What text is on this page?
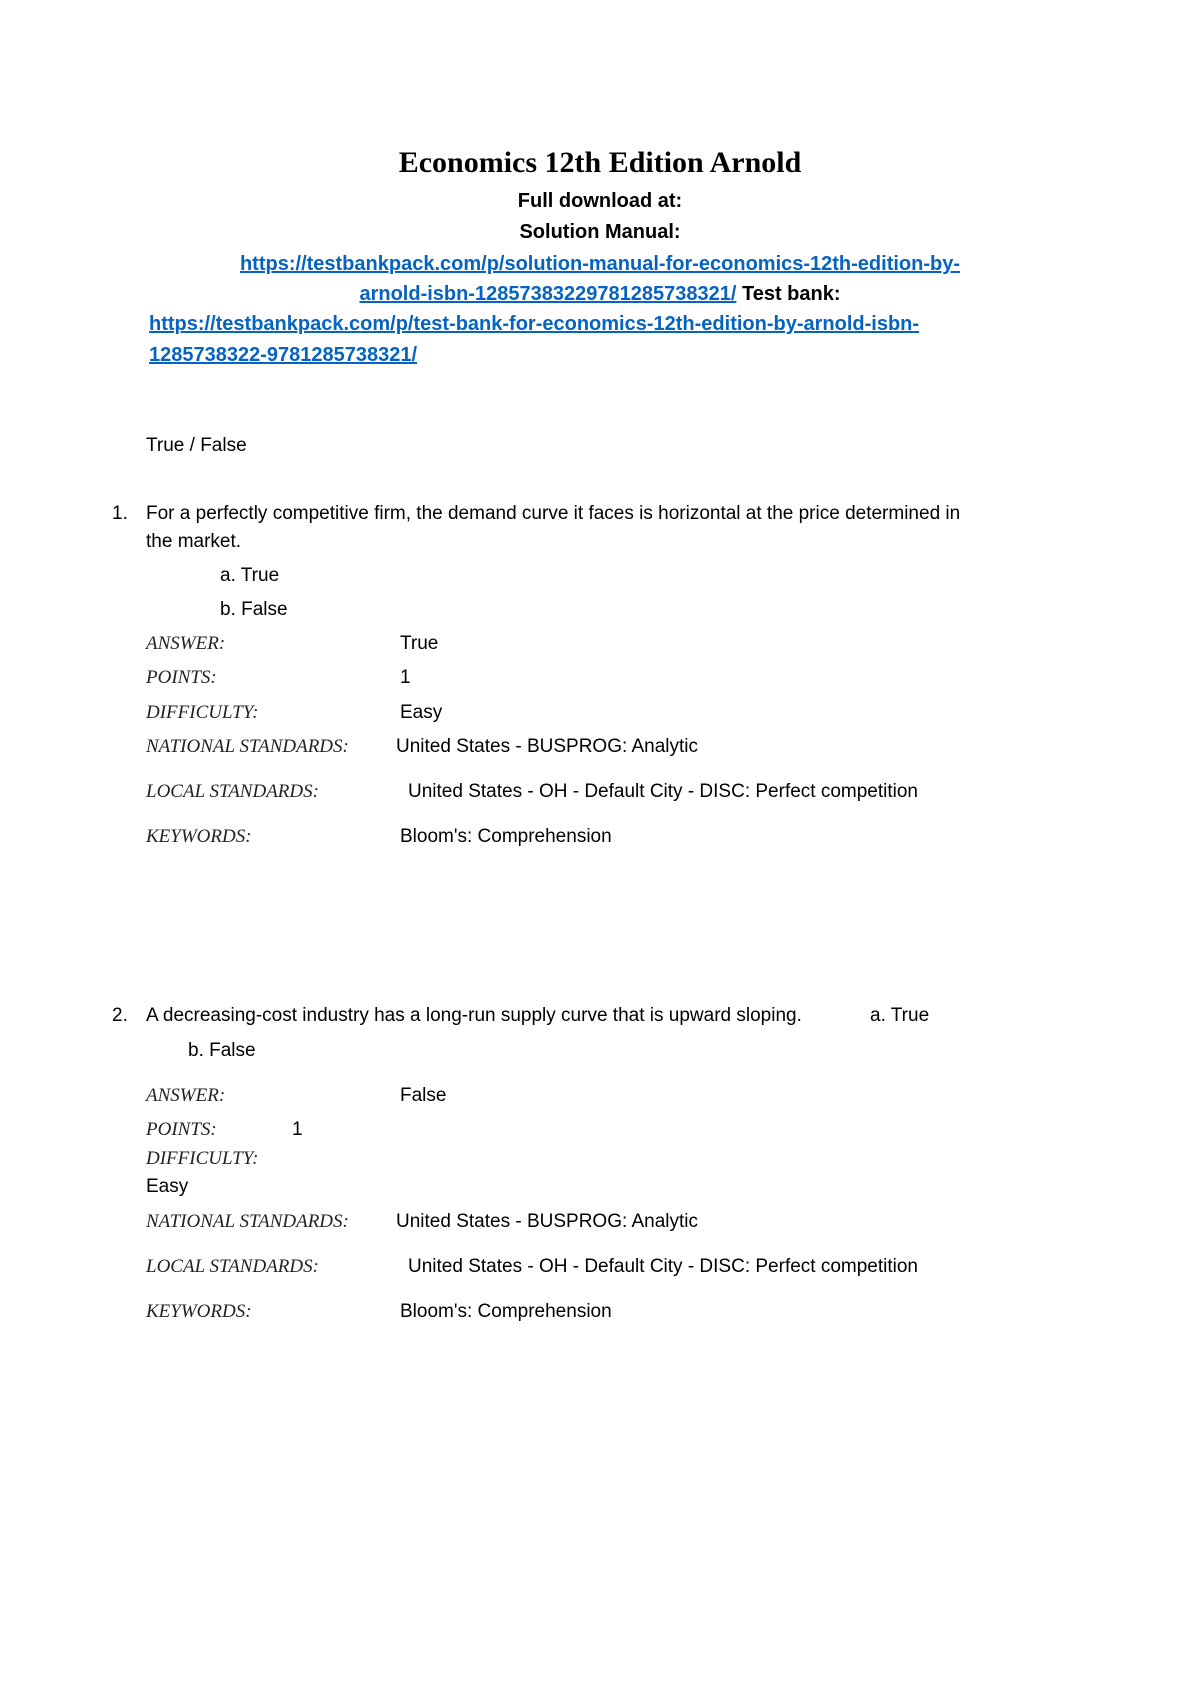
Economics 12th Edition Arnold
Full download at:
Solution Manual:
https://testbankpack.com/p/solution-manual-for-economics-12th-edition-by-
arnold-isbn-12857383229781285738321/ Test bank:
https://testbankpack.com/p/test-bank-for-economics-12th-edition-by-arnold-isbn-
1285738322-9781285738321/
True / False
1. For a perfectly competitive firm, the demand curve it faces is horizontal at the price determined in
the market.
a. True
b. False
ANSWER:	True
POINTS:	1
DIFFICULTY:	Easy
NATIONAL STANDARDS: United States - BUSPROG: Analytic
LOCAL STANDARDS:	United States - OH - Default City - DISC: Perfect competition
KEYWORDS:	Bloom's: Comprehension
2. A decreasing-cost industry has a long-run supply curve that is upward sloping.	a. True
b. False
ANSWER:	False
POINTS:	1
DIFFICULTY:
Easy
NATIONAL STANDARDS: United States - BUSPROG: Analytic
LOCAL STANDARDS:	United States - OH - Default City - DISC: Perfect competition
KEYWORDS:	Bloom's: Comprehension
